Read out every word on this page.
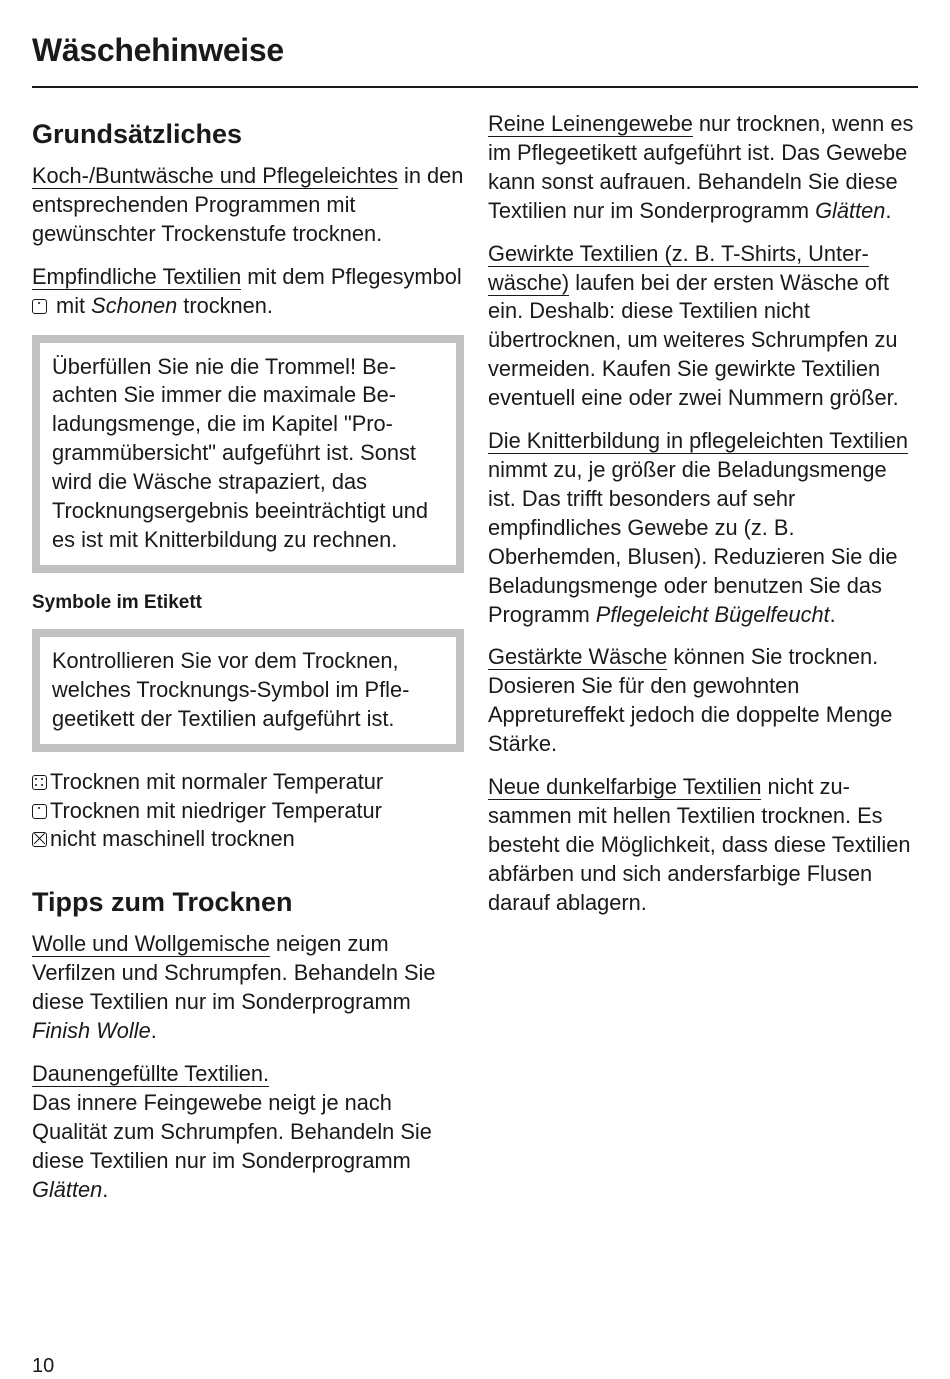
Wäschehinweise
Grundsätzliches

Koch-/Buntwäsche und Pflegeleichtes in den entsprechenden Programmen mit gewünschter Trockenstufe trocknen.

Empfindliche Textilien mit dem Pflegesymbol  mit Schonen trocknen.

Überfüllen Sie nie die Trommel! Beachten Sie immer die maximale Beladungsmenge, die im Kapitel "Programmübersicht" aufgeführt ist. Sonst wird die Wäsche strapaziert, das Trocknungsergebnis beeinträchtigt und es ist mit Knitterbildung zu rechnen.

Symbole im Etikett

Kontrollieren Sie vor dem Trocknen, welches Trocknungs-Symbol im Pflegeetikett der Textilien aufgeführt ist.

Trocknen mit normaler Temperatur

Trocknen mit niedriger Temperatur

nicht maschinell trocknen

Tipps zum Trocknen

Wolle und Wollgemische neigen zum Verfilzen und Schrumpfen. Behandeln Sie diese Textilien nur im Sonderprogramm Finish Wolle.

Daunengefüllte Textilien.
Das innere Feingewebe neigt je nach Qualität zum Schrumpfen. Behandeln Sie diese Textilien nur im Sonderprogramm Glätten.

Reine Leinengewebe nur trocknen, wenn es im Pflegeetikett aufgeführt ist. Das Gewebe kann sonst aufrauen. Behandeln Sie diese Textilien nur im Sonderprogramm Glätten.

Gewirkte Textilien (z. B. T-Shirts, Unterwäsche) laufen bei der ersten Wäsche oft ein. Deshalb: diese Textilien nicht übertrocknen, um weiteres Schrumpfen zu vermeiden. Kaufen Sie gewirkte Textilien eventuell eine oder zwei Nummern größer.

Die Knitterbildung in pflegeleichten Textilien nimmt zu, je größer die Beladungsmenge ist. Das trifft besonders auf sehr empfindliches Gewebe zu (z. B. Oberhemden, Blusen). Reduzieren Sie die Beladungsmenge oder benutzen Sie das Programm Pflegeleicht Bügelfeucht.

Gestärkte Wäsche können Sie trocknen. Dosieren Sie für den gewohnten Appretureffekt jedoch die doppelte Menge Stärke.

Neue dunkelfarbige Textilien nicht zusammen mit hellen Textilien trocknen. Es besteht die Möglichkeit, dass diese Textilien abfärben und sich andersfarbige Flusen darauf ablagern.

10
